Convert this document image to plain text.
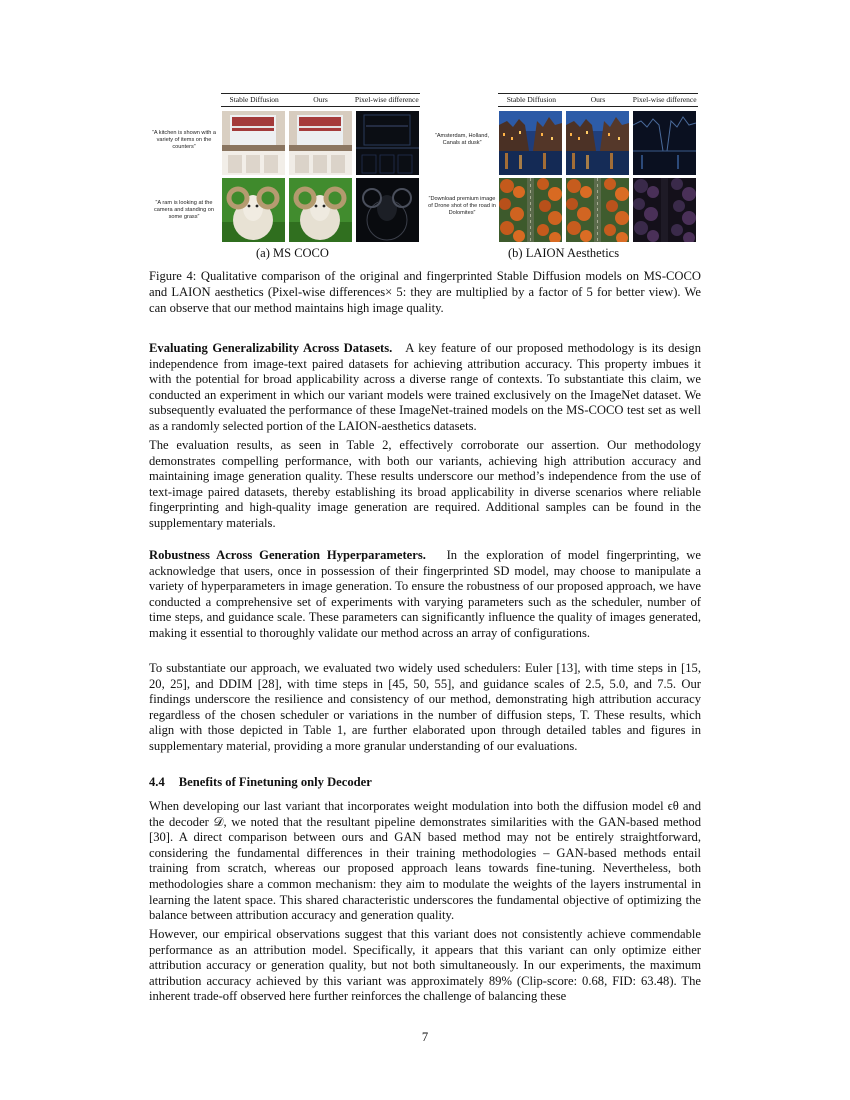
Stable Diffusion	Ours	Pixel-wise difference
“A kitchen is shown with a variety of items on the counters”
“A ram is looking at the camera and standing on some grass”
(a) MS COCO
Stable Diffusion	Ours	Pixel-wise difference
“Amsterdam, Holland, Canals at dusk”
“Download premium image of Drone shot of the road in Dolomites”
(b) LAION Aesthetics
Figure 4: Qualitative comparison of the original and fingerprinted Stable Diffusion models on MS-COCO and LAION aesthetics (Pixel-wise differences× 5: they are multiplied by a factor of 5 for better view). We can observe that our method maintains high image quality.

Evaluating Generalizability Across Datasets. A key feature of our proposed methodology is its design independence from image-text paired datasets for achieving attribution accuracy. This property imbues it with the potential for broad applicability across a diverse range of contexts. To substantiate this claim, we conducted an experiment in which our variant models were trained exclusively on the ImageNet dataset. We subsequently evaluated the performance of these ImageNet-trained models on the MS-COCO test set as well as a randomly selected portion of the LAION-aesthetics datasets.

The evaluation results, as seen in Table 2, effectively corroborate our assertion. Our methodology demonstrates compelling performance, with both our variants, achieving high attribution accuracy and maintaining image generation quality. These results underscore our method’s independence from the use of text-image paired datasets, thereby establishing its broad applicability in diverse scenarios where reliable fingerprinting and high-quality image generation are required. Additional samples can be found in the supplementary materials.

Robustness Across Generation Hyperparameters. In the exploration of model fingerprinting, we acknowledge that users, once in possession of their fingerprinted SD model, may choose to manipulate a variety of hyperparameters in image generation. To ensure the robustness of our proposed approach, we have conducted a comprehensive set of experiments with varying parameters such as the scheduler, number of time steps, and guidance scale. These parameters can significantly influence the quality of images generated, making it essential to thoroughly validate our method across an array of configurations.

To substantiate our approach, we evaluated two widely used schedulers: Euler [13], with time steps in [15, 20, 25], and DDIM [28], with time steps in [45, 50, 55], and guidance scales of 2.5, 5.0, and 7.5. Our findings underscore the resilience and consistency of our method, demonstrating high attribution accuracy regardless of the chosen scheduler or variations in the number of diffusion steps, T. These results, which align with those depicted in Table 1, are further elaborated upon through detailed tables and figures in supplementary material, providing a more granular understanding of our evaluations.

4.4 Benefits of Finetuning only Decoder

When developing our last variant that incorporates weight modulation into both the diffusion model ϵθ and the decoder 𝒟, we noted that the resultant pipeline demonstrates similarities with the GAN-based method [30]. A direct comparison between ours and GAN based method may not be entirely straightforward, considering the fundamental differences in their training methodologies – GAN-based methods entail training from scratch, whereas our proposed approach leans towards fine-tuning. Nevertheless, both methodologies share a common mechanism: they aim to modulate the weights of the layers instrumental in learning the latent space. This shared characteristic underscores the fundamental objective of optimizing the balance between attribution accuracy and generation quality.

However, our empirical observations suggest that this variant does not consistently achieve commendable performance as an attribution model. Specifically, it appears that this variant can only optimize either attribution accuracy or generation quality, but not both simultaneously. In our experiments, the maximum attribution accuracy achieved by this variant was approximately 89% (Clip-score: 0.68, FID: 63.48). The inherent trade-off observed here further reinforces the challenge of balancing these

7
